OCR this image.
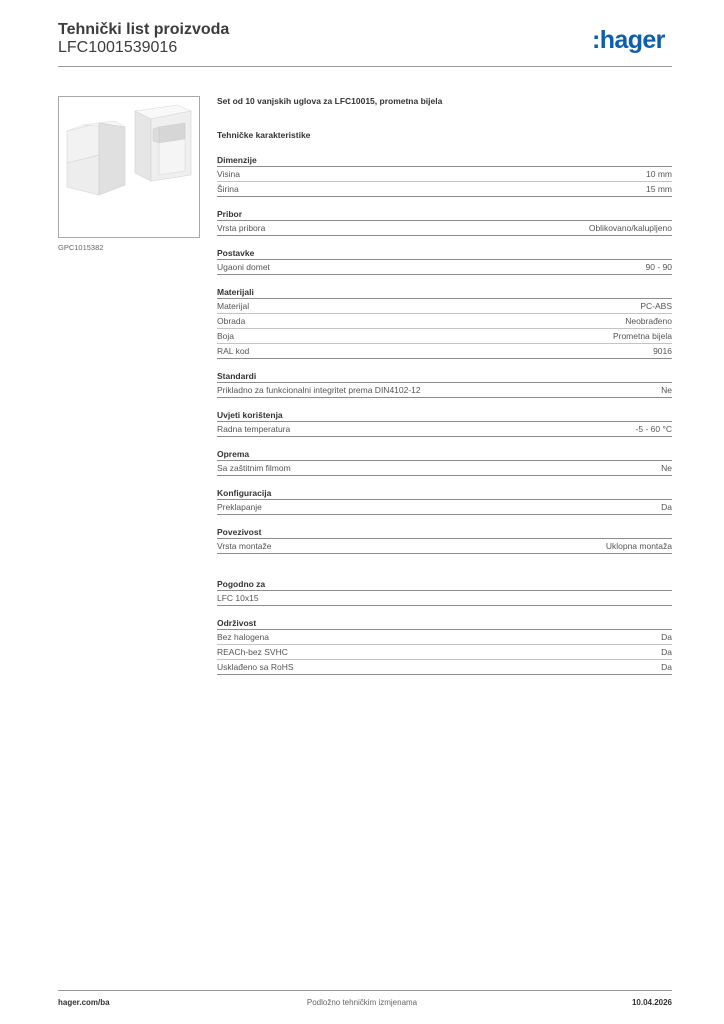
Tehnički list proizvoda
LFC1001539016	:hager
GPC1015382
Set od 10 vanjskih uglova za LFC10015, prometna bijela
Tehničke karakteristike
Dimenzije
Visina	10 mm
Širina	15 mm
Pribor
Vrsta pribora	Oblikovano/kalupljeno
Postavke
Ugaoni domet	90 - 90
Materijali
Materijal	PC-ABS
Obrada	Neobrađeno
Boja	Prometna bijela
RAL kod	9016
Standardi
Prikladno za funkcionalni integritet prema DIN4102-12	Ne
Uvjeti korištenja
Radna temperatura	-5 - 60 °C
Oprema
Sa zaštitnim filmom	Ne
Konfiguracija
Preklapanje	Da
Povezivost
Vrsta montaže	Uklopna montaža
Pogodno za
LFC 10x15
Održivost
Bez halogena	Da
REACh-bez SVHC	Da
Usklađeno sa RoHS	Da
hager.com/ba	Podložno tehničkim izmjenama	10.04.2026
